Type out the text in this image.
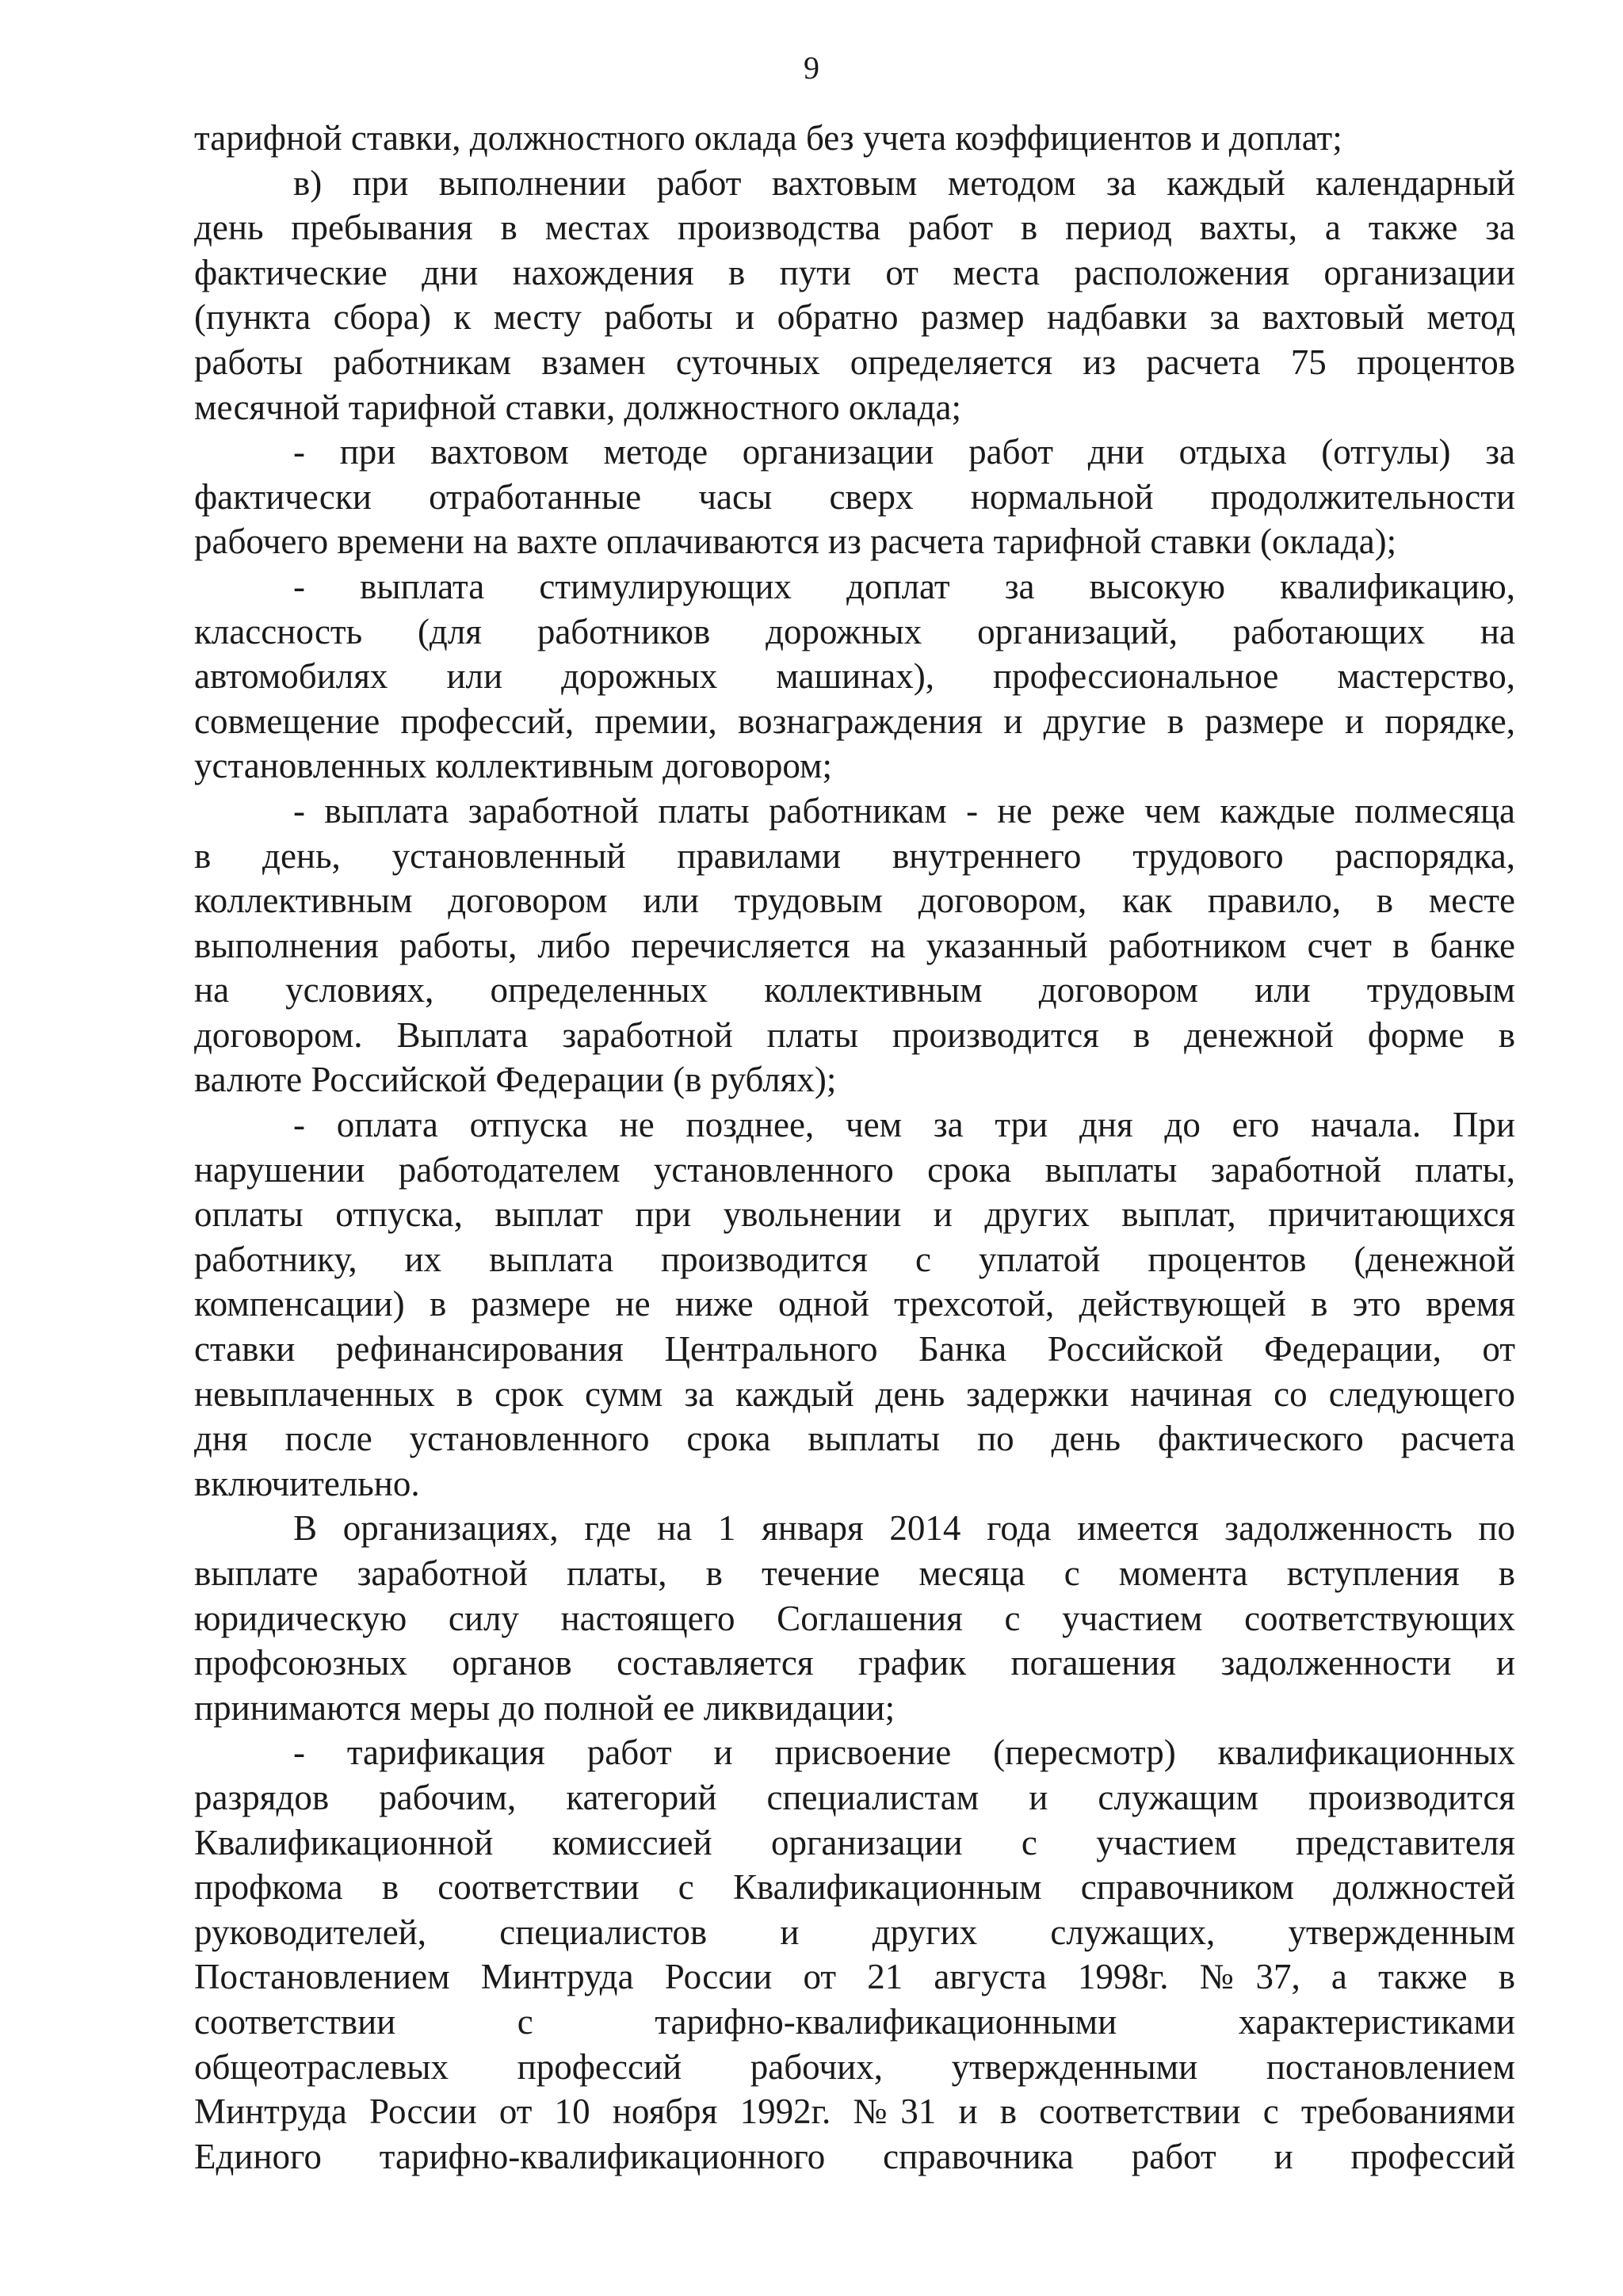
9
тарифной ставки, должностного оклада без учета коэффициентов и доплат;
в) при выполнении работ вахтовым методом за каждый календарный
день пребывания в местах производства работ в период вахты, а также за
фактические дни нахождения в пути от места расположения организации
(пункта сбора) к месту работы и обратно размер надбавки за вахтовый метод
работы работникам взамен суточных определяется из расчета 75 процентов
месячной тарифной ставки, должностного оклада;
- при вахтовом методе организации работ дни отдыха (отгулы) за
фактически отработанные часы сверх нормальной продолжительности
рабочего времени на вахте оплачиваются из расчета тарифной ставки (оклада);
- выплата стимулирующих доплат за высокую квалификацию,
классность (для работников дорожных организаций, работающих на
автомобилях или дорожных машинах), профессиональное мастерство,
совмещение профессий, премии, вознаграждения и другие в размере и порядке,
установленных коллективным договором;
- выплата заработной платы работникам - не реже чем каждые полмесяца
в день, установленный правилами внутреннего трудового распорядка,
коллективным договором или трудовым договором, как правило, в месте
выполнения работы, либо перечисляется на указанный работником счет в банке
на условиях, определенных коллективным договором или трудовым
договором. Выплата заработной платы производится в денежной форме в
валюте Российской Федерации (в рублях);
- оплата отпуска не позднее, чем за три дня до его начала. При
нарушении работодателем установленного срока выплаты заработной платы,
оплаты отпуска, выплат при увольнении и других выплат, причитающихся
работнику, их выплата производится с уплатой процентов (денежной
компенсации) в размере не ниже одной трехсотой, действующей в это время
ставки рефинансирования Центрального Банка Российской Федерации, от
невыплаченных в срок сумм за каждый день задержки начиная со следующего
дня после установленного срока выплаты по день фактического расчета
включительно.
В организациях, где на 1 января 2014 года имеется задолженность по
выплате заработной платы, в течение месяца с момента вступления в
юридическую силу настоящего Соглашения с участием соответствующих
профсоюзных органов составляется график погашения задолженности и
принимаются меры до полной ее ликвидации;
- тарификация работ и присвоение (пересмотр) квалификационных
разрядов рабочим, категорий специалистам и служащим производится
Квалификационной комиссией организации с участием представителя
профкома в соответствии с Квалификационным справочником должностей
руководителей, специалистов и других служащих, утвержденным
Постановлением Минтруда России от 21 августа 1998г. №37, а также в
соответствии с тарифно-квалификационными характеристиками
общеотраслевых профессий рабочих, утвержденными постановлением
Минтруда России от 10 ноября 1992г. №31 и в соответствии с требованиями
Единого тарифно-квалификационного справочника работ и профессий
